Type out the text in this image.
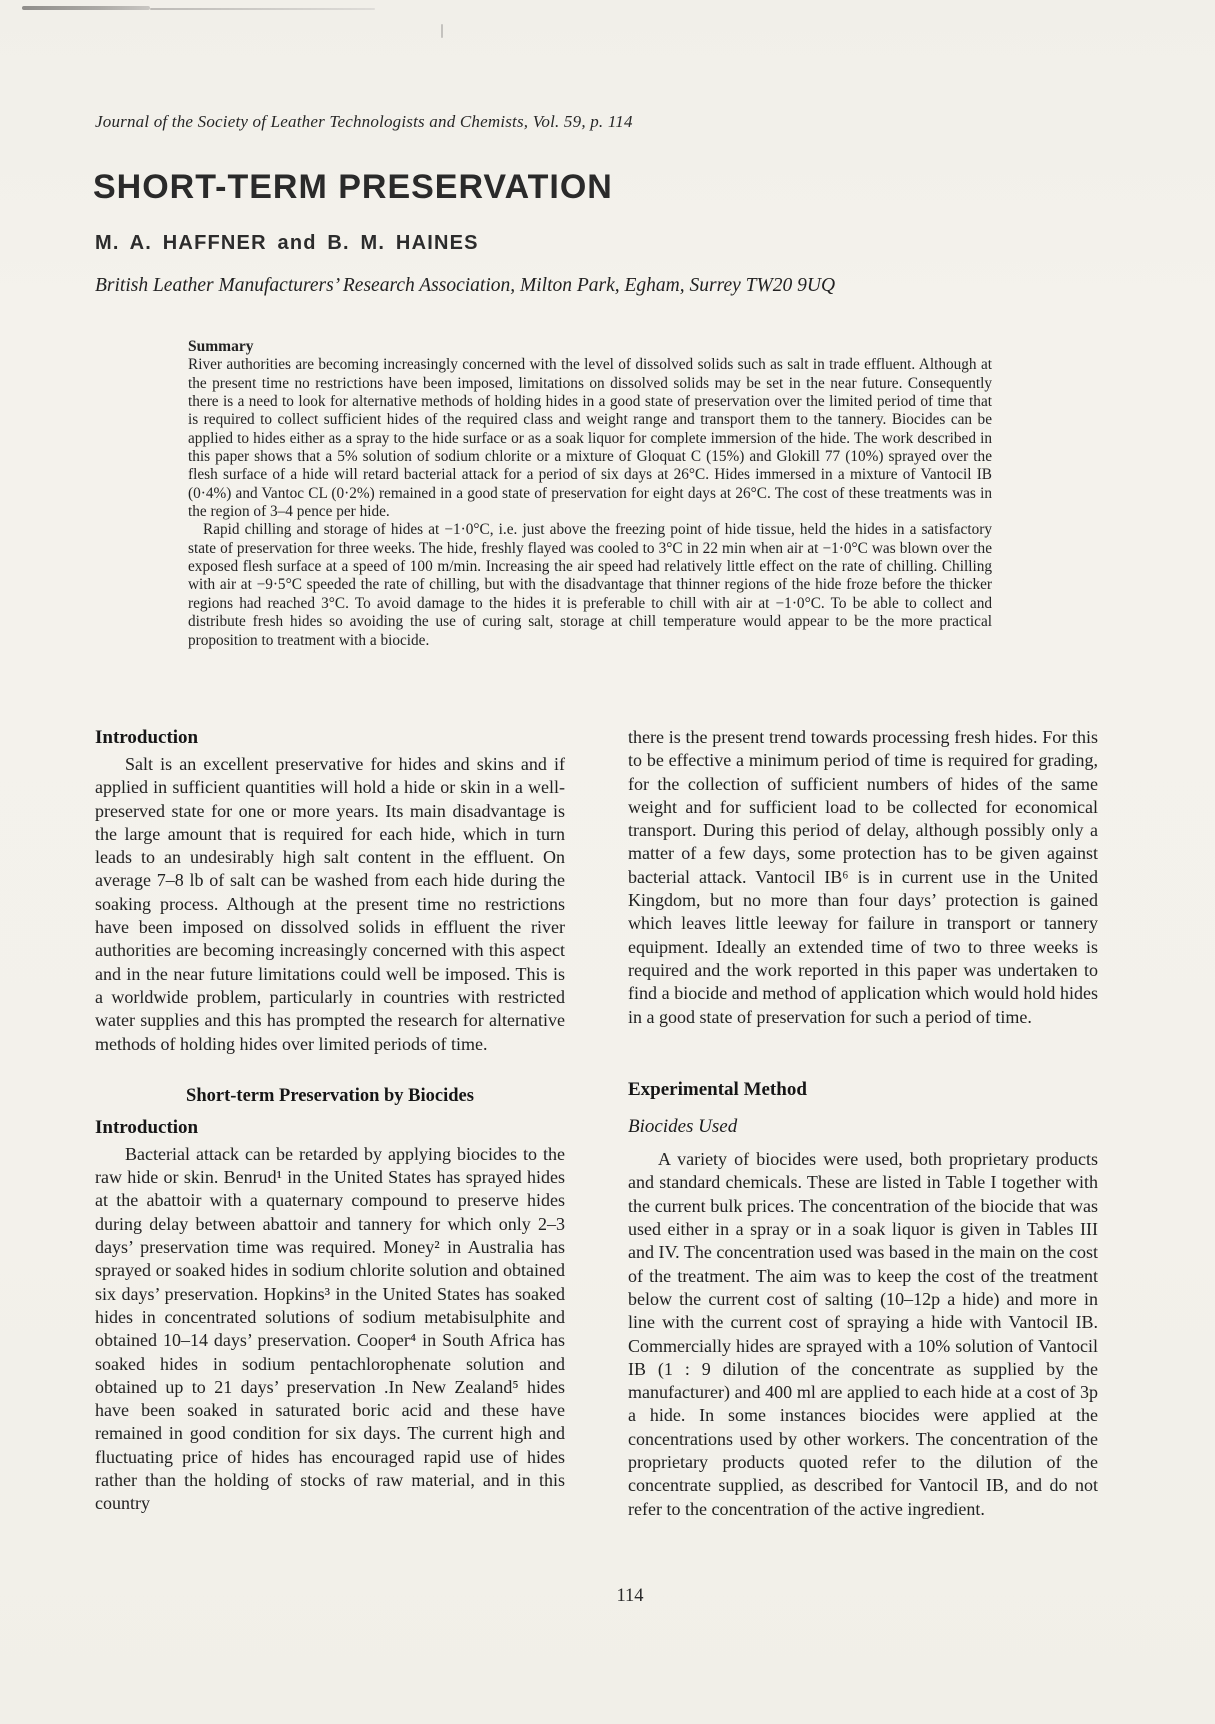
Journal of the Society of Leather Technologists and Chemists, Vol. 59, p. 114
SHORT-TERM PRESERVATION
M. A. HAFFNER and B. M. HAINES
British Leather Manufacturers’ Research Association, Milton Park, Egham, Surrey TW20 9UQ
Summary

River authorities are becoming increasingly concerned with the level of dissolved solids such as salt in trade effluent. Although at the present time no restrictions have been imposed, limitations on dissolved solids may be set in the near future. Consequently there is a need to look for alternative methods of holding hides in a good state of preservation over the limited period of time that is required to collect sufficient hides of the required class and weight range and transport them to the tannery. Biocides can be applied to hides either as a spray to the hide surface or as a soak liquor for complete immersion of the hide. The work described in this paper shows that a 5% solution of sodium chlorite or a mixture of Gloquat C (15%) and Glokill 77 (10%) sprayed over the flesh surface of a hide will retard bacterial attack for a period of six days at 26°C. Hides immersed in a mixture of Vantocil IB (0·4%) and Vantoc CL (0·2%) remained in a good state of preservation for eight days at 26°C. The cost of these treatments was in the region of 3–4 pence per hide.

Rapid chilling and storage of hides at −1·0°C, i.e. just above the freezing point of hide tissue, held the hides in a satisfactory state of preservation for three weeks. The hide, freshly flayed was cooled to 3°C in 22 min when air at −1·0°C was blown over the exposed flesh surface at a speed of 100 m/min. Increasing the air speed had relatively little effect on the rate of chilling. Chilling with air at −9·5°C speeded the rate of chilling, but with the disadvantage that thinner regions of the hide froze before the thicker regions had reached 3°C. To avoid damage to the hides it is preferable to chill with air at −1·0°C. To be able to collect and distribute fresh hides so avoiding the use of curing salt, storage at chill temperature would appear to be the more practical proposition to treatment with a biocide.

Introduction

Salt is an excellent preservative for hides and skins and if applied in sufficient quantities will hold a hide or skin in a well-preserved state for one or more years. Its main disadvantage is the large amount that is required for each hide, which in turn leads to an undesirably high salt content in the effluent. On average 7–8 lb of salt can be washed from each hide during the soaking process. Although at the present time no restrictions have been imposed on dissolved solids in effluent the river authorities are becoming increasingly concerned with this aspect and in the near future limitations could well be imposed. This is a worldwide problem, particularly in countries with restricted water supplies and this has prompted the research for alternative methods of holding hides over limited periods of time.

Short-term Preservation by Biocides
Introduction

Bacterial attack can be retarded by applying biocides to the raw hide or skin. Benrud¹ in the United States has sprayed hides at the abattoir with a quaternary compound to preserve hides during delay between abattoir and tannery for which only 2–3 days’ preservation time was required. Money² in Australia has sprayed or soaked hides in sodium chlorite solution and obtained six days’ preservation. Hopkins³ in the United States has soaked hides in concentrated solutions of sodium metabisulphite and obtained 10–14 days’ preservation. Cooper⁴ in South Africa has soaked hides in sodium pentachlorophenate solution and obtained up to 21 days’ preservation .In New Zealand⁵ hides have been soaked in saturated boric acid and these have remained in good condition for six days. The current high and fluctuating price of hides has encouraged rapid use of hides rather than the holding of stocks of raw material, and in this country

there is the present trend towards processing fresh hides. For this to be effective a minimum period of time is required for grading, for the collection of sufficient numbers of hides of the same weight and for sufficient load to be collected for economical transport. During this period of delay, although possibly only a matter of a few days, some protection has to be given against bacterial attack. Vantocil IB⁶ is in current use in the United Kingdom, but no more than four days’ protection is gained which leaves little leeway for failure in transport or tannery equipment. Ideally an extended time of two to three weeks is required and the work reported in this paper was undertaken to find a biocide and method of application which would hold hides in a good state of preservation for such a period of time.

Experimental Method
Biocides Used

A variety of biocides were used, both proprietary products and standard chemicals. These are listed in Table I together with the current bulk prices. The concentration of the biocide that was used either in a spray or in a soak liquor is given in Tables III and IV. The concentration used was based in the main on the cost of the treatment. The aim was to keep the cost of the treatment below the current cost of salting (10–12p a hide) and more in line with the current cost of spraying a hide with Vantocil IB. Commercially hides are sprayed with a 10% solution of Vantocil IB (1 : 9 dilution of the concentrate as supplied by the manufacturer) and 400 ml are applied to each hide at a cost of 3p a hide. In some instances biocides were applied at the concentrations used by other workers. The concentration of the proprietary products quoted refer to the dilution of the concentrate supplied, as described for Vantocil IB, and do not refer to the concentration of the active ingredient.

114
